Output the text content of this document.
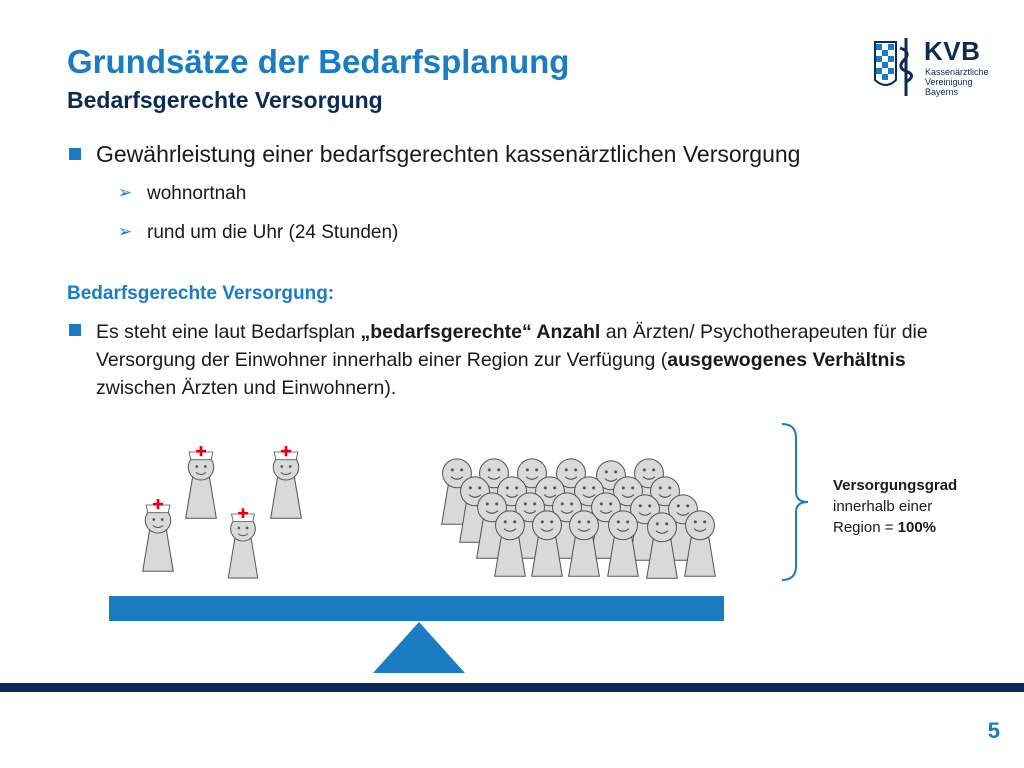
Grundsätze der Bedarfsplanung
Bedarfsgerechte Versorgung
KVB
Kassenärztliche
Vereinigung
Bayerns
Gewährleistung einer bedarfsgerechten kassenärztlichen Versorgung
➢ wohnortnah
➢ rund um die Uhr (24 Stunden)
Bedarfsgerechte Versorgung:
Es steht eine laut Bedarfsplan „bedarfsgerechte“ Anzahl an Ärzten/ Psychotherapeuten für die Versorgung der Einwohner innerhalb einer Region zur Verfügung (ausgewogenes Verhältnis zwischen Ärzten und Einwohnern).
Versorgungsgrad
innerhalb einer
Region = 100%
5
